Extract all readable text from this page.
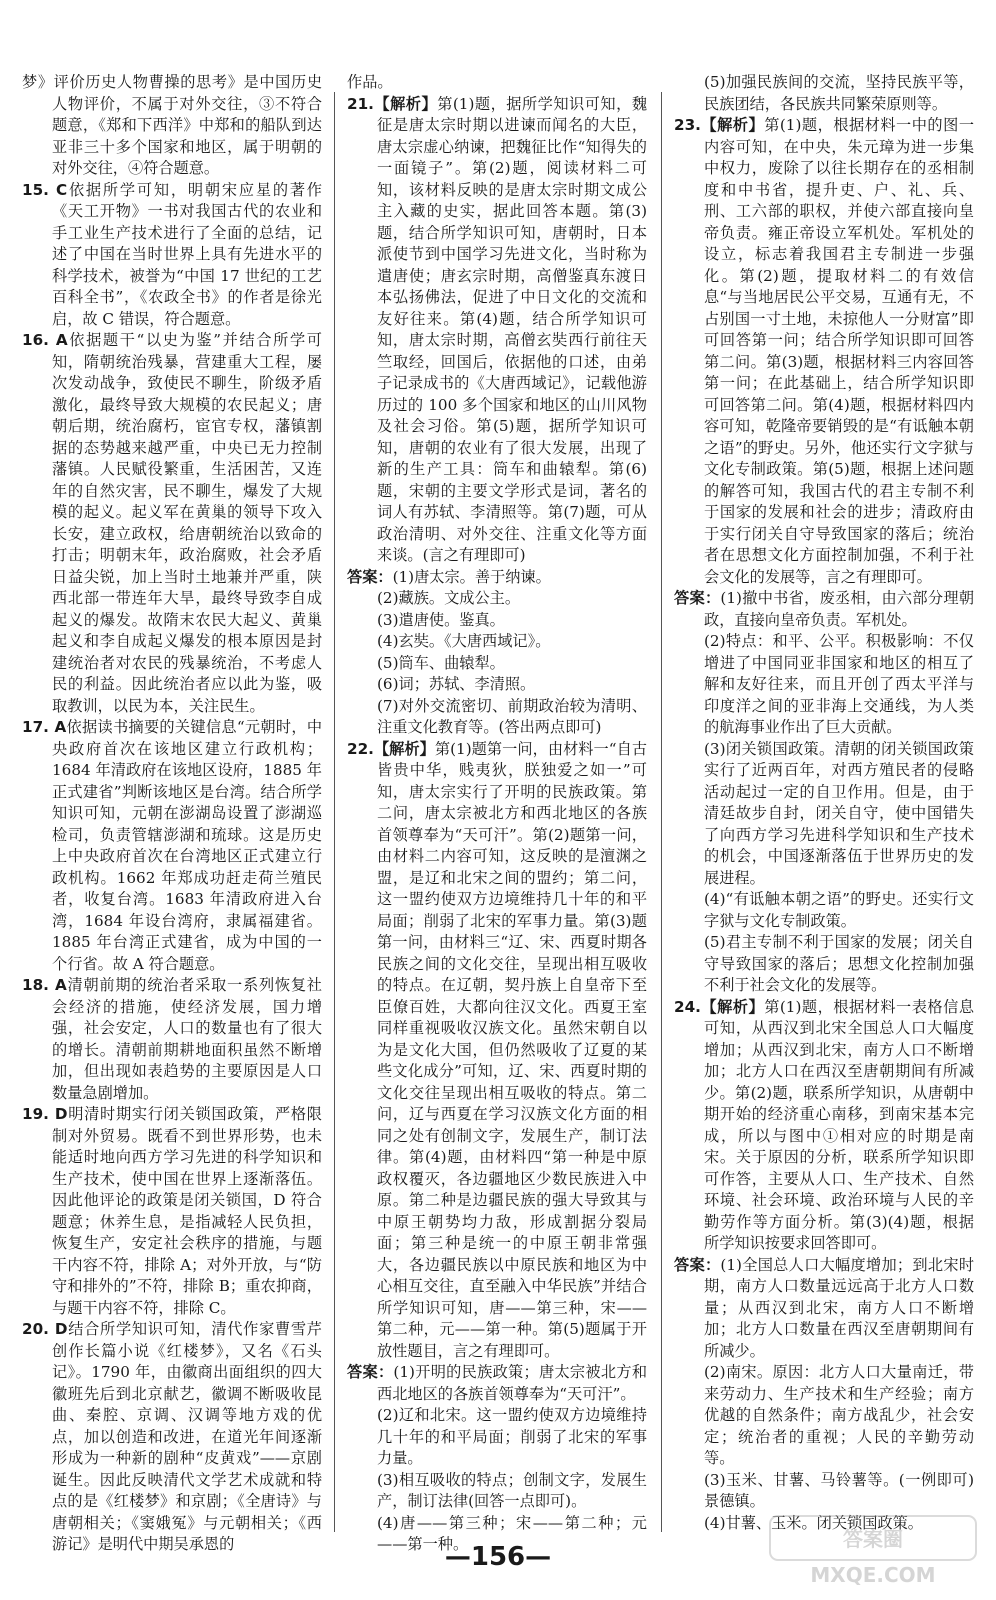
梦》评价历史人物曹操的思考》是中国历史人物评价，不属于对外交往，③不符合题意，《郑和下西洋》中郑和的船队到达亚非三十多个国家和地区，属于明朝的对外交往，④符合题意。

15. C依据所学可知，明朝宋应星的著作《天工开物》一书对我国古代的农业和手工业生产技术进行了全面的总结，记述了中国在当时世界上具有先进水平的科学技术，被誉为“中国 17 世纪的工艺百科全书”，《农政全书》的作者是徐光启，故 C 错误，符合题意。

16. A依据题干“以史为鉴”并结合所学可知，隋朝统治残暴，营建重大工程，屡次发动战争，致使民不聊生，阶级矛盾激化，最终导致大规模的农民起义；唐朝后期，统治腐朽，宦官专权，藩镇割据的态势越来越严重，中央已无力控制藩镇。人民赋役繁重，生活困苦，又连年的自然灾害，民不聊生，爆发了大规模的起义。起义军在黄巢的领导下攻入长安，建立政权，给唐朝统治以致命的打击；明朝末年，政治腐败，社会矛盾日益尖锐，加上当时土地兼并严重，陕西北部一带连年大旱，最终导致李自成起义的爆发。故隋末农民大起义、黄巢起义和李自成起义爆发的根本原因是封建统治者对农民的残暴统治，不考虑人民的利益。因此统治者应以此为鉴，吸取教训，以民为本，关注民生。

17. A依据读书摘要的关键信息“元朝时，中央政府首次在该地区建立行政机构；1684 年清政府在该地区设府，1885 年正式建省”判断该地区是台湾。结合所学知识可知，元朝在澎湖岛设置了澎湖巡检司，负责管辖澎湖和琉球。这是历史上中央政府首次在台湾地区正式建立行政机构。1662 年郑成功赶走荷兰殖民者，收复台湾。1683 年清政府进入台湾，1684 年设台湾府，隶属福建省。1885 年台湾正式建省，成为中国的一个行省。故 A 符合题意。

18. A清朝前期的统治者采取一系列恢复社会经济的措施，使经济发展，国力增强，社会安定，人口的数量也有了很大的增长。清朝前期耕地面积虽然不断增加，但出现如表趋势的主要原因是人口数量急剧增加。

19. D明清时期实行闭关锁国政策，严格限制对外贸易。既看不到世界形势，也未能适时地向西方学习先进的科学知识和生产技术，使中国在世界上逐渐落伍。因此他评论的政策是闭关锁国，D 符合题意；休养生息，是指减轻人民负担，恢复生产，安定社会秩序的措施，与题干内容不符，排除 A；对外开放，与“防守和排外的”不符，排除 B；重农抑商，与题干内容不符，排除 C。

20. D结合所学知识可知，清代作家曹雪芹创作长篇小说《红楼梦》，又名《石头记》。1790 年，由徽商出面组织的四大徽班先后到北京献艺，徽调不断吸收昆曲、秦腔、京调、汉调等地方戏的优点，加以创造和改进，在道光年间逐渐形成为一种新的剧种“皮黄戏”——京剧诞生。因此反映清代文学艺术成就和特点的是《红楼梦》和京剧；《全唐诗》与唐朝相关；《窦娥冤》与元朝相关；《西游记》是明代中期吴承恩的

作品。

21.【解析】第(1)题，据所学知识可知，魏征是唐太宗时期以进谏而闻名的大臣，唐太宗虚心纳谏，把魏征比作“知得失的一面镜子”。第(2)题，阅读材料二可知，该材料反映的是唐太宗时期文成公主入藏的史实，据此回答本题。第(3)题，结合所学知识可知，唐朝时，日本派使节到中国学习先进文化，当时称为遣唐使；唐玄宗时期，高僧鉴真东渡日本弘扬佛法，促进了中日文化的交流和友好往来。第(4)题，结合所学知识可知，唐太宗时期，高僧玄奘西行前往天竺取经，回国后，依据他的口述，由弟子记录成书的《大唐西域记》，记载他游历过的 100 多个国家和地区的山川风物及社会习俗。第(5)题，据所学知识可知，唐朝的农业有了很大发展，出现了新的生产工具：筒车和曲辕犁。第(6)题，宋朝的主要文学形式是词，著名的词人有苏轼、李清照等。第(7)题，可从政治清明、对外交往、注重文化等方面来谈。(言之有理即可)

答案：(1)唐太宗。善于纳谏。

(2)藏族。文成公主。

(3)遣唐使。鉴真。

(4)玄奘。《大唐西域记》。

(5)筒车、曲辕犁。

(6)词；苏轼、李清照。

(7)对外交流密切、前期政治较为清明、注重文化教育等。(答出两点即可)

22.【解析】第(1)题第一问，由材料一“自古皆贵中华，贱夷狄，朕独爱之如一”可知，唐太宗实行了开明的民族政策。第二问，唐太宗被北方和西北地区的各族首领尊奉为“天可汗”。第(2)题第一问，由材料二内容可知，这反映的是澶渊之盟，是辽和北宋之间的盟约；第二问，这一盟约使双方边境维持几十年的和平局面；削弱了北宋的军事力量。第(3)题第一问，由材料三“辽、宋、西夏时期各民族之间的文化交往，呈现出相互吸收的特点。在辽朝，契丹族上自皇帝下至臣僚百姓，大都向往汉文化。西夏王室同样重视吸收汉族文化。虽然宋朝自以为是文化大国，但仍然吸收了辽夏的某些文化成分”可知，辽、宋、西夏时期的文化交往呈现出相互吸收的特点。第二问，辽与西夏在学习汉族文化方面的相同之处有创制文字，发展生产，制订法律。第(4)题，由材料四“第一种是中原政权覆灭，各边疆地区少数民族进入中原。第二种是边疆民族的强大导致其与中原王朝势均力敌，形成割据分裂局面；第三种是统一的中原王朝非常强大，各边疆民族以中原民族和地区为中心相互交往，直至融入中华民族”并结合所学知识可知，唐——第三种，宋——第二种，元——第一种。第(5)题属于开放性题目，言之有理即可。

答案：(1)开明的民族政策；唐太宗被北方和西北地区的各族首领尊奉为“天可汗”。

(2)辽和北宋。这一盟约使双方边境维持几十年的和平局面；削弱了北宋的军事力量。

(3)相互吸收的特点；创制文字，发展生产，制订法律(回答一点即可)。

(4)唐——第三种；宋——第二种；元——第一种。

(5)加强民族间的交流，坚持民族平等，民族团结，各民族共同繁荣原则等。

23.【解析】第(1)题，根据材料一中的图一内容可知，在中央，朱元璋为进一步集中权力，废除了以往长期存在的丞相制度和中书省，提升吏、户、礼、兵、刑、工六部的职权，并使六部直接向皇帝负责。雍正帝设立军机处。军机处的设立，标志着我国君主专制进一步强化。第(2)题，提取材料二的有效信息“与当地居民公平交易，互通有无，不占别国一寸土地，未掠他人一分财富”即可回答第一问；结合所学知识即可回答第二问。第(3)题，根据材料三内容回答第一问；在此基础上，结合所学知识即可回答第二问。第(4)题，根据材料四内容可知，乾隆帝要销毁的是“有诋触本朝之语”的野史。另外，他还实行文字狱与文化专制政策。第(5)题，根据上述问题的解答可知，我国古代的君主专制不利于国家的发展和社会的进步；清政府由于实行闭关自守导致国家的落后；统治者在思想文化方面控制加强，不利于社会文化的发展等，言之有理即可。

答案：(1)撤中书省，废丞相，由六部分理朝政，直接向皇帝负责。军机处。

(2)特点：和平、公平。积极影响：不仅增进了中国同亚非国家和地区的相互了解和友好往来，而且开创了西太平洋与印度洋之间的亚非海上交通线，为人类的航海事业作出了巨大贡献。

(3)闭关锁国政策。清朝的闭关锁国政策实行了近两百年，对西方殖民者的侵略活动起过一定的自卫作用。但是，由于清廷故步自封，闭关自守，使中国错失了向西方学习先进科学知识和生产技术的机会，中国逐渐落伍于世界历史的发展进程。

(4)“有诋触本朝之语”的野史。还实行文字狱与文化专制政策。

(5)君主专制不利于国家的发展；闭关自守导致国家的落后；思想文化控制加强不利于社会文化的发展等。

24.【解析】第(1)题，根据材料一表格信息可知，从西汉到北宋全国总人口大幅度增加；从西汉到北宋，南方人口不断增加；北方人口在西汉至唐朝期间有所减少。第(2)题，联系所学知识，从唐朝中期开始的经济重心南移，到南宋基本完成，所以与图中①相对应的时期是南宋。关于原因的分析，联系所学知识即可作答，主要从人口、生产技术、自然环境、社会环境、政治环境与人民的辛勤劳作等方面分析。第(3)(4)题，根据所学知识按要求回答即可。

答案：(1)全国总人口大幅度增加；到北宋时期，南方人口数量远远高于北方人口数量；从西汉到北宋，南方人口不断增加；北方人口数量在西汉至唐朝期间有所减少。

(2)南宋。原因：北方人口大量南迁，带来劳动力、生产技术和生产经验；南方优越的自然条件；南方战乱少，社会安定；统治者的重视；人民的辛勤劳动等。

(3)玉米、甘薯、马铃薯等。(一例即可)景德镇。

(4)甘薯、玉米。闭关锁国政策。

—156—
答案圈
MXQE.COM
